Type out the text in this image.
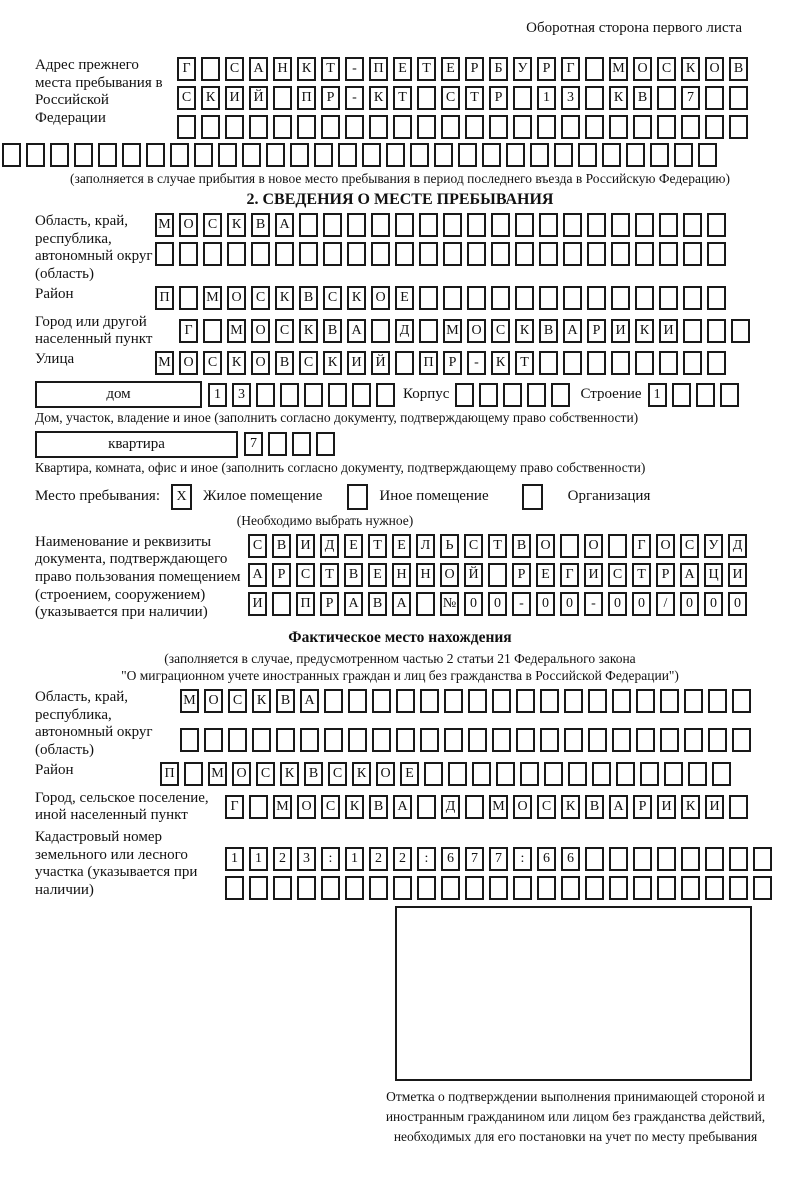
Оборотная сторона первого листа
Адрес прежнего места пребывания в Российской Федерации
Г	С	А Н	К	Т	-	П	Е	Т	Е	Р	Б	У	Р	Г	М О	С	К	О	В
С	К	И Й	П	Р	-	К	Т	С	Т	Р	1	3	К	В	7
(заполняется в случае прибытия в новое место пребывания в период последнего въезда в Российскую Федерацию)
2. СВЕДЕНИЯ О МЕСТЕ ПРЕБЫВАНИЯ
Область, край, республика, автономный округ (область)
М О	С	К	В	А
Район	П	М О	С	К	В	С	К	О	Е
Город или другой населенный пункт
Г	М О	С	К	В	А	Д	М О	С	К	В	А	Р	И	К	И
Улица	М О	С	К	О	В	С	К	И Й	П	Р	-	К	Т
дом	1	3	Корпус	Строение 1
Дом, участок, владение и иное (заполнить согласно документу, подтверждающему право собственности)
квартира	7
Квартира, комната, офис и иное (заполнить согласно документу, подтверждающему право собственности)
Место пребывания:	X	Жилое помещение	Иное помещение	Организация
(Необходимо выбрать нужное)
Наименование и реквизиты документа, подтверждающего право пользования помещением (строением, сооружением) (указывается при наличии)
С	В	И	Д	Е	Т	Е	Л	Ь	С	Т	В	О	О	Г	О	С	У	Д
А	Р	С	Т	В	Е	Н Н О Й	Р	Е	Г	И	С	Т	Р	А Ц И
И	П	Р	А	В	А	№ 0	0	-	0	0	-	0	0	/	0	0	0
Фактическое место нахождения
(заполняется в случае, предусмотренном частью 2 статьи 21 Федерального закона
"О миграционном учете иностранных граждан и лиц без гражданства в Российской Федерации")
Область, край, республика, автономный округ (область)
М О	С	К	В	А
Район	П	М О	С	К	В	С	К	О	Е
Город, сельское поселение, иной населенный пункт
Г	М О	С	К	В	А	Д	М О	С	К	В	А	Р	И	К	И
Кадастровый номер земельного или лесного участка (указывается при наличии)
1	1	2	3	:	1	2	2	:	6	7	7	:	6	6
Отметка о подтверждении выполнения принимающей стороной и иностранным гражданином или лицом без гражданства действий, необходимых для его постановки на учет по месту пребывания
